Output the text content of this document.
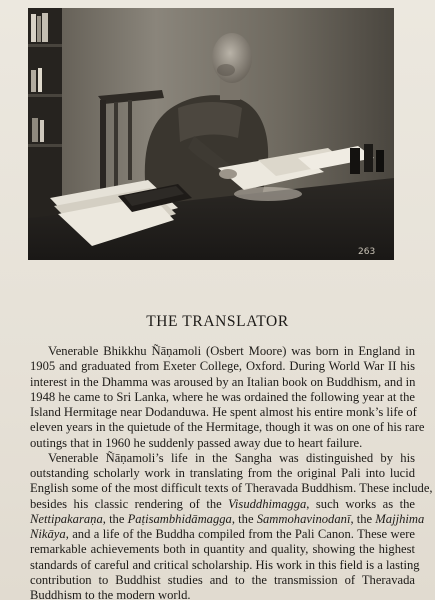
263
THE TRANSLATOR
Venerable Bhikkhu Ñāṇamoli (Osbert Moore) was born in England in
1905 and graduated from Exeter College, Oxford. During World War II his
interest in the Dhamma was aroused by an Italian book on Buddhism, and in
1948 he came to Sri Lanka, where he was ordained the following year at the
Island Hermitage near Dodanduwa. He spent almost his entire monk’s life of
eleven years in the quietude of the Hermitage, though it was on one of his rare
outings that in 1960 he suddenly passed away due to heart failure.
Venerable Ñāṇamoli’s life in the Sangha was distinguished by his
outstanding scholarly work in translating from the original Pali into lucid
English some of the most difficult texts of Theravada Buddhism. These include,
besides his classic rendering of the Visuddhimagga, such works as the
Nettipakaraṇa, the Paṭisambhidāmagga, the Sammohavinodanī, the Majjhima
Nikāya, and a life of the Buddha compiled from the Pali Canon. These were
remarkable achievements both in quantity and quality, showing the highest
standards of careful and critical scholarship. His work in this field is a lasting
contribution to Buddhist studies and to the transmission of Theravada
Buddhism to the modern world.
